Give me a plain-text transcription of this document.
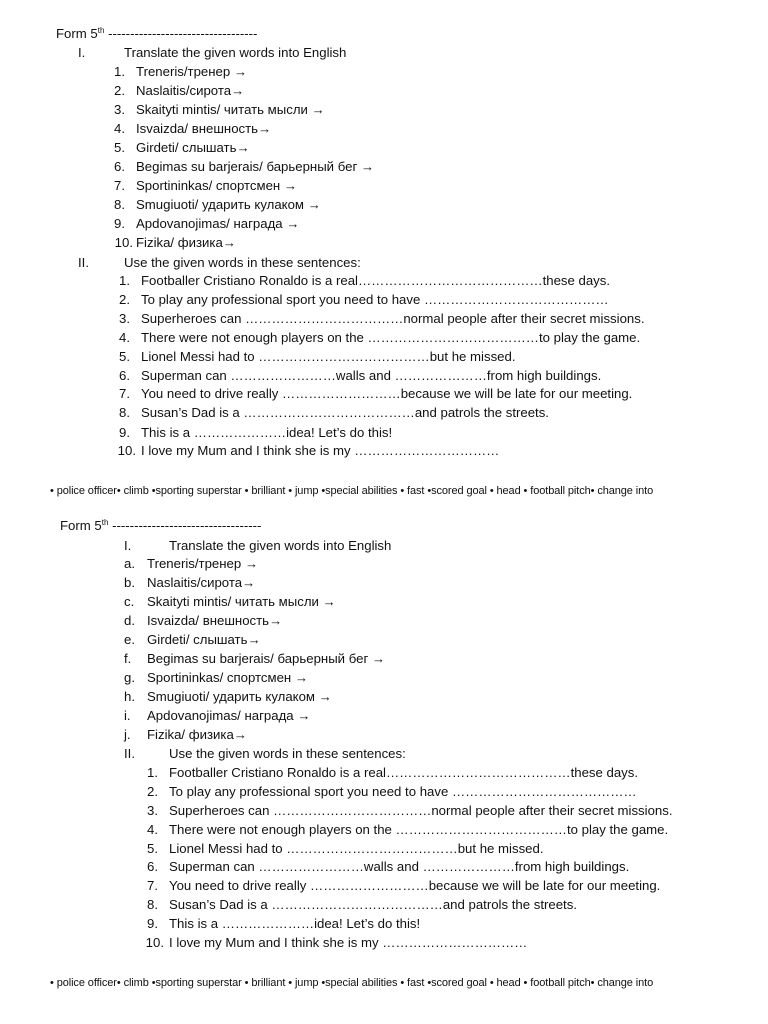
Form 5th ----------------------------------
I.	Translate the given words into English
1. Treneris/тренер →
2. Naslaitis/сирота→
3. Skaityti mintis/ читать мысли →
4. Isvaizda/ внешность→
5. Girdeti/ слышать→
6. Begimas su barjerais/ барьерный бег →
7. Sportininkas/ спортсмен →
8. Smugiuoti/ ударить кулаком →
9. Apdovanojimas/ награда →
10. Fizika/ физика→
II.	Use the given words in these sentences:
1. Footballer Cristiano Ronaldo is a real……………………………………these days.
2. To play any professional sport you need to have ……………………………………
3. Superheroes can ………………………………normal people after their secret missions.
4. There were not enough players on the …………………………………to play the game.
5. Lionel Messi had to …………………………………but he missed.
6. Superman can ……………………walls and …………………from high buildings.
7. You need to drive really ………………………because we will be late for our meeting.
8. Susan’s Dad is a …………………………………and patrols the streets.
9. This is a …………………idea! Let’s do this!
10. I love my Mum and I think she is my ……………………………
• police officer• climb •sporting superstar • brilliant • jump •special abilities • fast •scored goal • head • football pitch• change into
Form 5th ----------------------------------
I.	Translate the given words into English
a. Treneris/тренер →
b. Naslaitis/сирота→
c. Skaityti mintis/ читать мысли →
d. Isvaizda/ внешность→
e. Girdeti/ слышать→
f. Begimas su barjerais/ барьерный бег →
g. Sportininkas/ спортсмен →
h. Smugiuoti/ ударить кулаком →
i. Apdovanojimas/ награда →
j. Fizika/ физика→
II.	Use the given words in these sentences:
1. Footballer Cristiano Ronaldo is a real……………………………………these days.
2. To play any professional sport you need to have ……………………………………
3. Superheroes can ………………………………normal people after their secret missions.
4. There were not enough players on the …………………………………to play the game.
5. Lionel Messi had to …………………………………but he missed.
6. Superman can ……………………walls and …………………from high buildings.
7. You need to drive really ………………………because we will be late for our meeting.
8. Susan’s Dad is a …………………………………and patrols the streets.
9. This is a …………………idea! Let’s do this!
10. I love my Mum and I think she is my ……………………………
• police officer• climb •sporting superstar • brilliant • jump •special abilities • fast •scored goal • head • football pitch• change into
